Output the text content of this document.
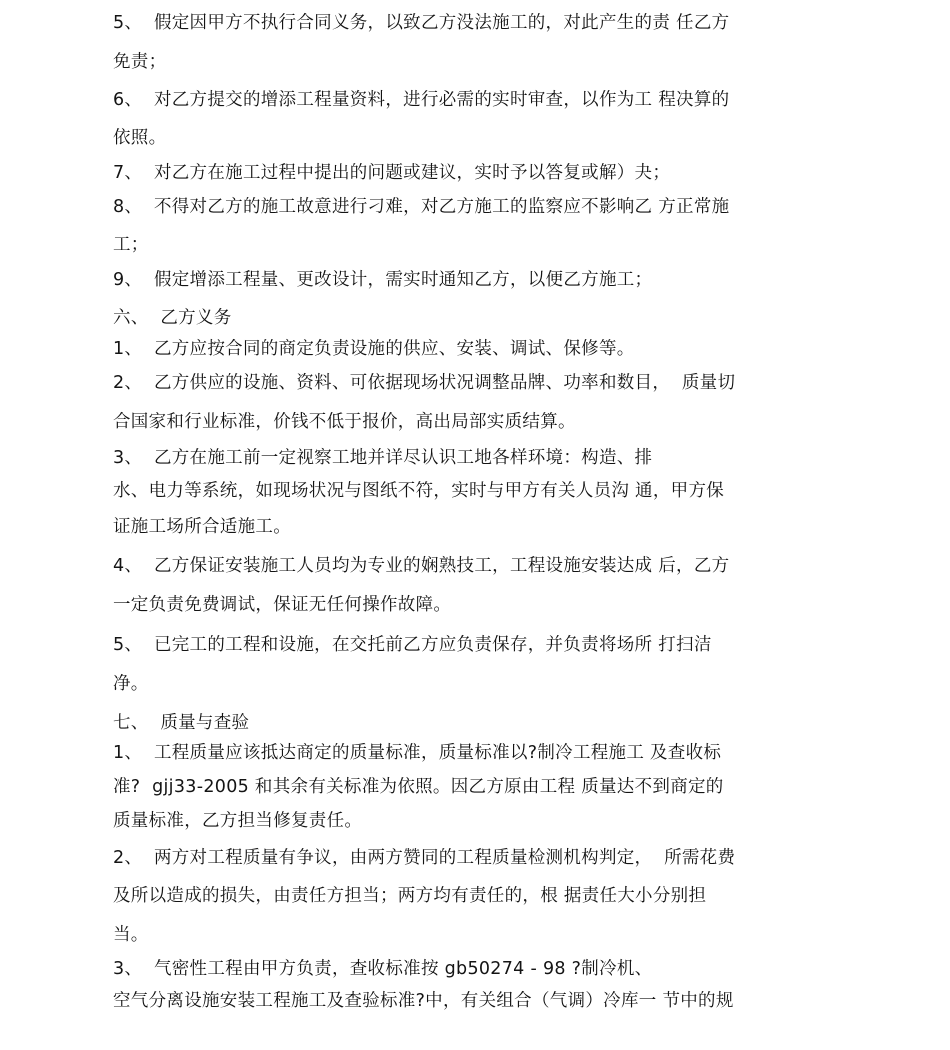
5、  假定因甲方不执行合同义务，以致乙方没法施工的，对此产生的责 任乙方
免责；
6、  对乙方提交的增添工程量资料，进行必需的实时审查，以作为工 程决算的
依照。
7、  对乙方在施工过程中提出的问题或建议，实时予以答复或解）夬；
8、  不得对乙方的施工故意进行刁难，对乙方施工的监察应不影响乙 方正常施
工；
9、  假定增添工程量、更改设计，需实时通知乙方，以便乙方施工；
六、  乙方义务
1、  乙方应按合同的商定负责设施的供应、安装、调试、保修等。
2、  乙方供应的设施、资料、可依据现场状况调整品牌、功率和数目，  质量切
合国家和行业标准，价钱不低于报价，高出局部实质结算。
3、  乙方在施工前一定视察工地并详尽认识工地各样环境：构造、排
水、电力等系统，如现场状况与图纸不符，实时与甲方有关人员沟 通，甲方保
证施工场所合适施工。
4、  乙方保证安装施工人员均为专业的娴熟技工，工程设施安装达成 后，乙方
一定负责免费调试，保证无任何操作故障。
5、  已完工的工程和设施，在交托前乙方应负责保存，并负责将场所 打扫洁
净。
七、  质量与查验
1、  工程质量应该抵达商定的质量标准，质量标准以?制冷工程施工 及查收标
准?  gjj33-2005 和其余有关标准为依照。因乙方原由工程 质量达不到商定的
质量标准，乙方担当修复责任。
2、  两方对工程质量有争议，由两方赞同的工程质量检测机构判定，  所需花费
及所以造成的损失，由责任方担当；两方均有责任的，根 据责任大小分别担
当。
3、  气密性工程由甲方负责，查收标准按 gb50274 - 98 ?制冷机、
空气分离设施安装工程施工及查验标准?中，有关组合（气调）冷库一 节中的规
